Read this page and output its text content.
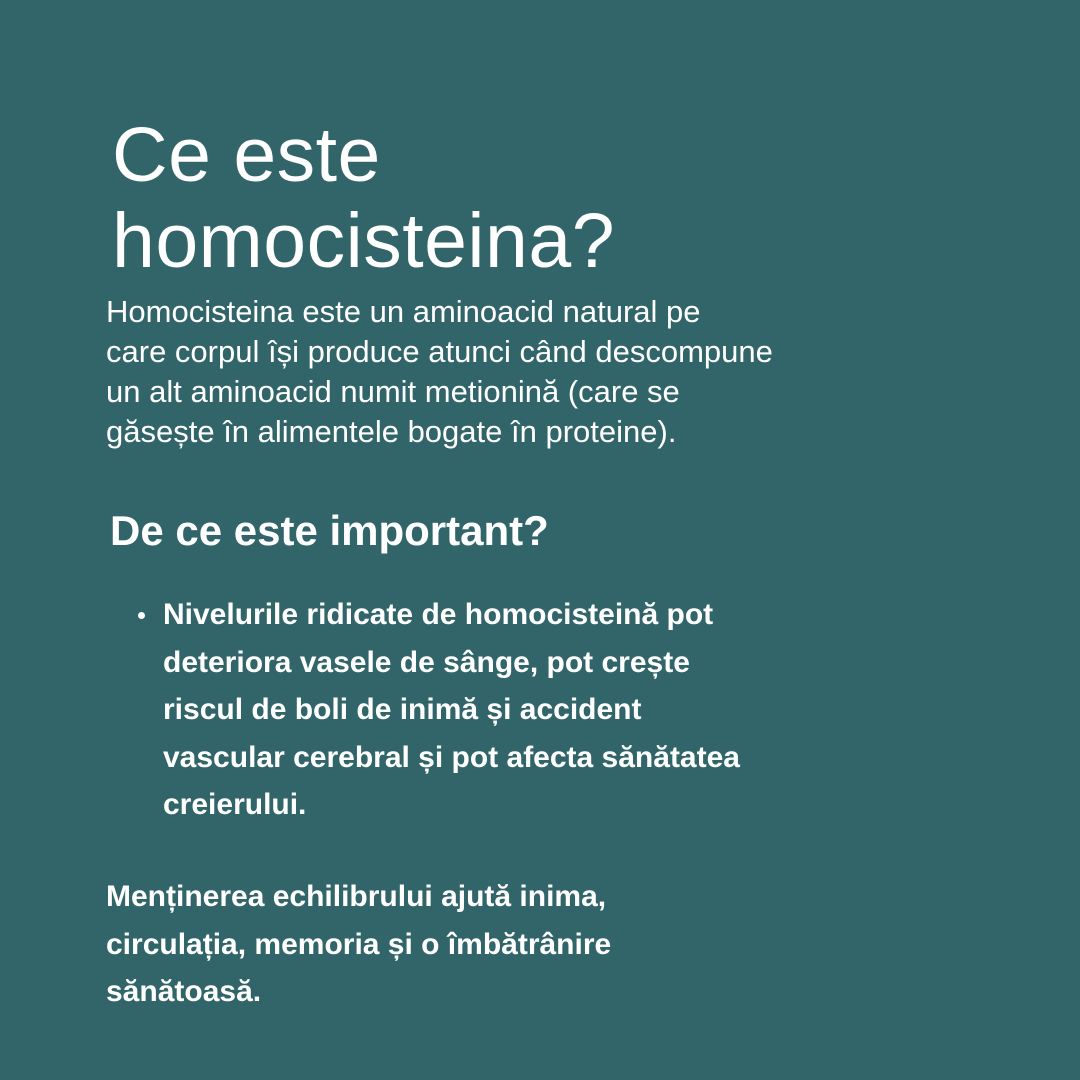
Ce este
homocisteina?

Homocisteina este un aminoacid natural pe
care corpul își produce atunci când descompune
un alt aminoacid numit metionină (care se
găsește în alimentele bogate în proteine).

De ce este important?
Nivelurile ridicate de homocisteină pot
deteriora vasele de sânge, pot crește
riscul de boli de inimă și accident
vascular cerebral și pot afecta sănătatea
creierului.

Menținerea echilibrului ajută inima,
circulația, memoria și o îmbătrânire
sănătoasă.
